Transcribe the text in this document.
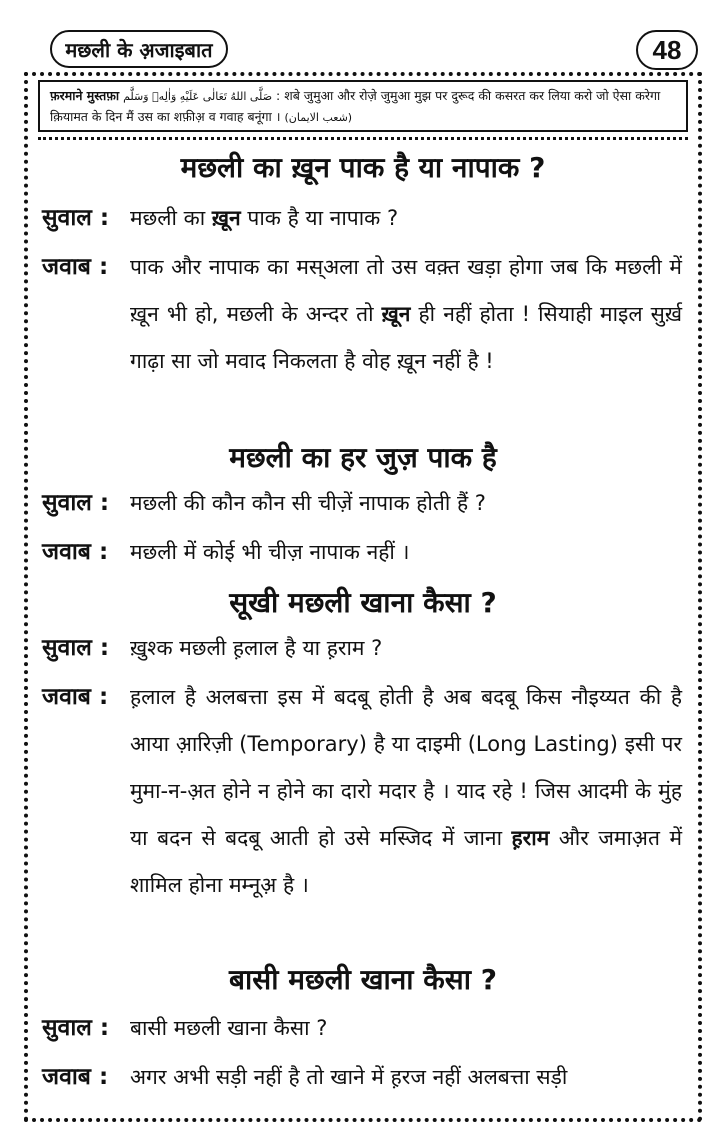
मछली के अ़जाइबात	48
फ़रमाने मुस्तफ़ा صَلَّى اللهُ تَعَالٰى عَلَيْهِ وَاٰلِهٖ وَسَلَّم : शबे जुमुआ और रोज़े जुमुआ मुझ पर दुरूद की कसरत कर लिया करो जो ऐसा करेगा क़ियामत के दिन मैं उस का शफ़ीअ़ व गवाह बनूंगा । (شعب الایمان)
मछली का ख़ून पाक है या नापाक ?
सुवाल : मछली का ख़ून पाक है या नापाक ?
जवाब : पाक और नापाक का मस्अला तो उस वक़्त खड़ा होगा जब कि मछली में ख़ून भी हो, मछली के अन्दर तो ख़ून ही नहीं होता ! सियाही माइल सुर्ख़ गाढ़ा सा जो मवाद निकलता है वोह ख़ून नहीं है !
मछली का हर जुज़ पाक है
सुवाल : मछली की कौन कौन सी चीज़ें नापाक होती हैं ?
जवाब : मछली में कोई भी चीज़ नापाक नहीं ।
सूखी मछली खाना कैसा ?
सुवाल : ख़ुश्क मछली ह़लाल है या ह़राम ?
जवाब : ह़लाल है अलबत्ता इस में बदबू होती है अब बदबू किस नौइय्यत की है आया आ़रिज़ी (Temporary) है या दाइमी (Long Lasting) इसी पर मुमा-न-अ़त होने न होने का दारो मदार है । याद रहे ! जिस आदमी के मुंह या बदन से बदबू आती हो उसे मस्जिद में जाना ह़राम और जमाअ़त में शामिल होना मम्नूअ़ है ।
बासी मछली खाना कैसा ?
सुवाल : बासी मछली खाना कैसा ?
जवाब : अगर अभी सड़ी नहीं है तो खाने में ह़रज नहीं अलबत्ता सड़ी
